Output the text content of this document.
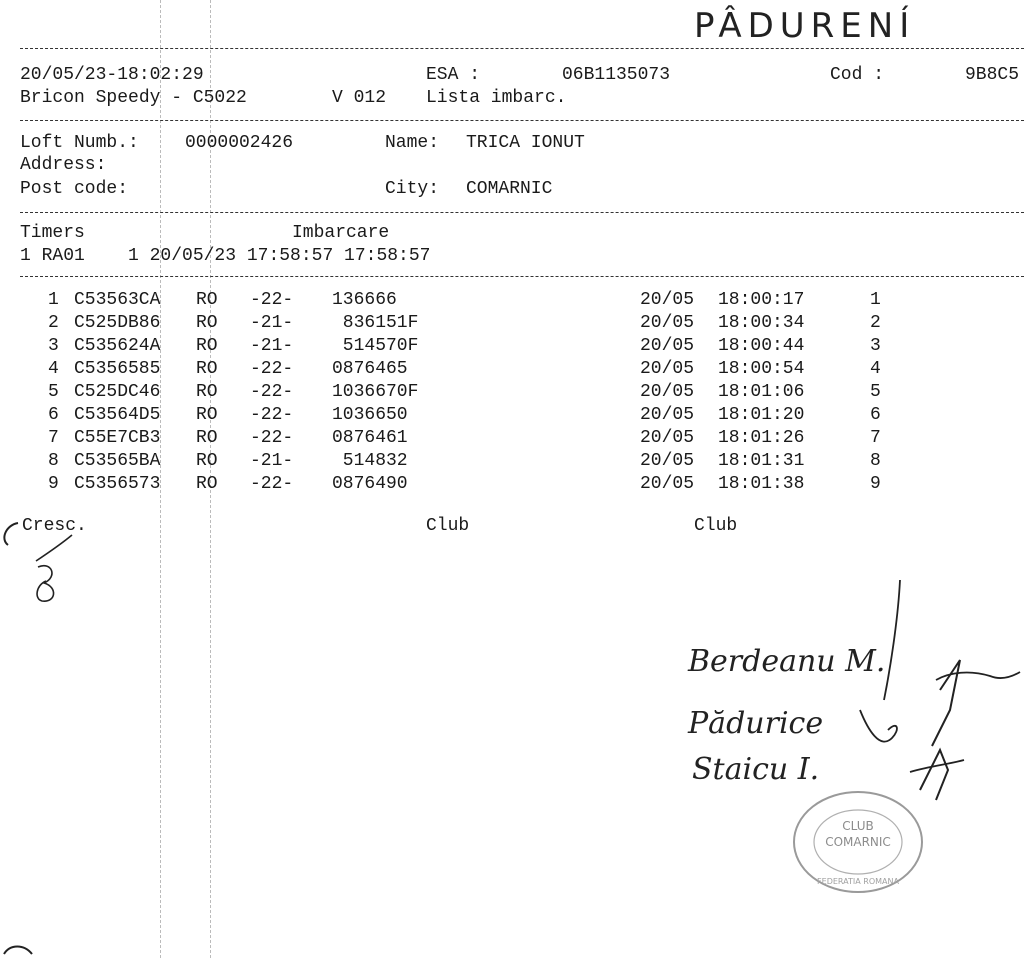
PÂDURENÍ
20/05/23-18:02:29	ESA :	06B1135073	Cod :	9B8C5
Bricon Speedy - C5022	V 012 Lista imbarc.
Loft Numb.:	0000002426	Name: TRICA IONUT
Address:
Post code:	City: COMARNIC
Timers	Imbarcare
1 RA01    1 20/05/23 17:58:57 17:58:57
1 C53563CA RO -22- 136666	20/05 18:00:17	1
2 C525DB86 RO -21- 836151F	20/05 18:00:34	2
3 C535624A RO -21- 514570F	20/05 18:00:44	3
4 C5356585 RO -22- 0876465	20/05 18:00:54	4
5 C525DC46 RO -22- 1036670F	20/05 18:01:06	5
6 C53564D5 RO -22- 1036650	20/05 18:01:20	6
7 C55E7CB3 RO -22- 0876461	20/05 18:01:26	7
8 C53565BA RO -21- 514832	20/05 18:01:31	8
9 C5356573 RO -22- 0876490	20/05 18:01:38	9
Cresc.	Club	Club
Berdeanu M.
Pădurice
Staicu I.
CLUB
COMARNIC
FEDERATIA ROMANA
